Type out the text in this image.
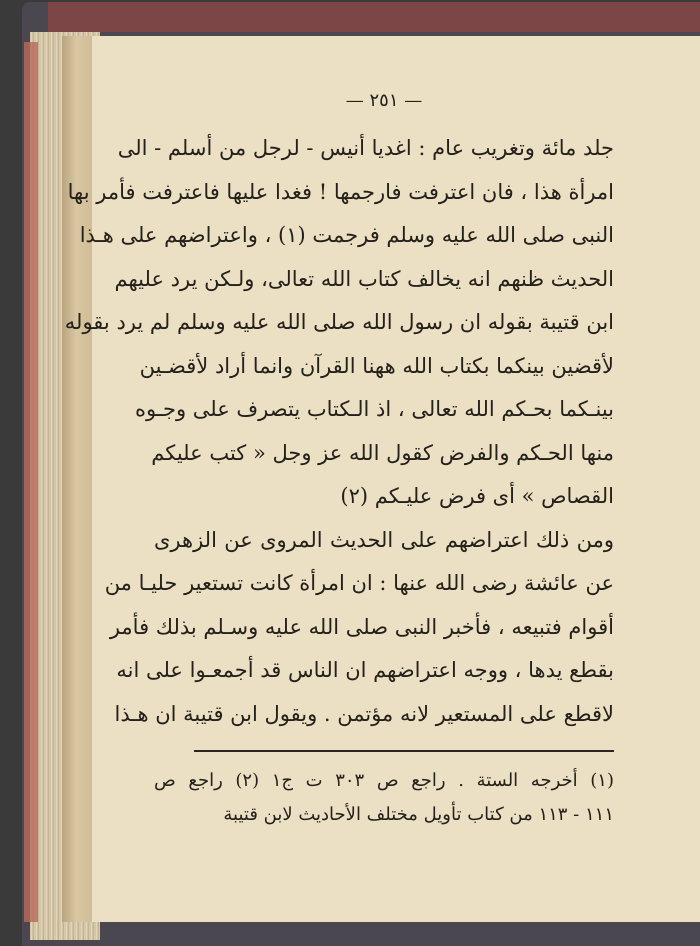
— ٢٥١ —
جلد مائة وتغريب عام : اغديا أنيس - لرجل من أسلم - الى
امرأة هذا ، فان اعترفت فارجمها ! فغدا عليها فاعترفت فأمر بها
النبى صلى الله عليه وسلم فرجمت (١) ، واعتراضهم على هـذا
الحديث ظنهم انه يخالف كتاب الله تعالى، ولـكن يرد عليهم
ابن قتيبة بقوله ان رسول الله صلى الله عليه وسلم لم يرد بقوله
لأقضين بينكما بكتاب الله ههنا القرآن وانما أراد لأقضـين
بينـكما بحـكم الله تعالى ، اذ الـكتاب يتصرف على وجـوه
منها الحـكم والفرض كقول الله عز وجل « كتب عليكم
القصاص » أى فرض عليـكم (٢)
ومن ذلك اعتراضهم على الحديث المروى عن الزهرى
عن عائشة رضى الله عنها : ان امرأة كانت تستعير حليـا من
أقوام فتبيعه ، فأخبر النبى صلى الله عليه وسـلم بذلك فأمر
بقطع يدها ، ووجه اعتراضهم ان الناس قد أجمعـوا على انه
لاقطع على المستعير لانه مؤتمن . ويقول ابن قتيبة ان هـذا
(١) أخرجه الستة . راجع ص ٣٠٣ ت ج١ (٢) راجع ص
١١١ - ١١٣ من كتاب تأويل مختلف الأحاديث لابن قتيبة
